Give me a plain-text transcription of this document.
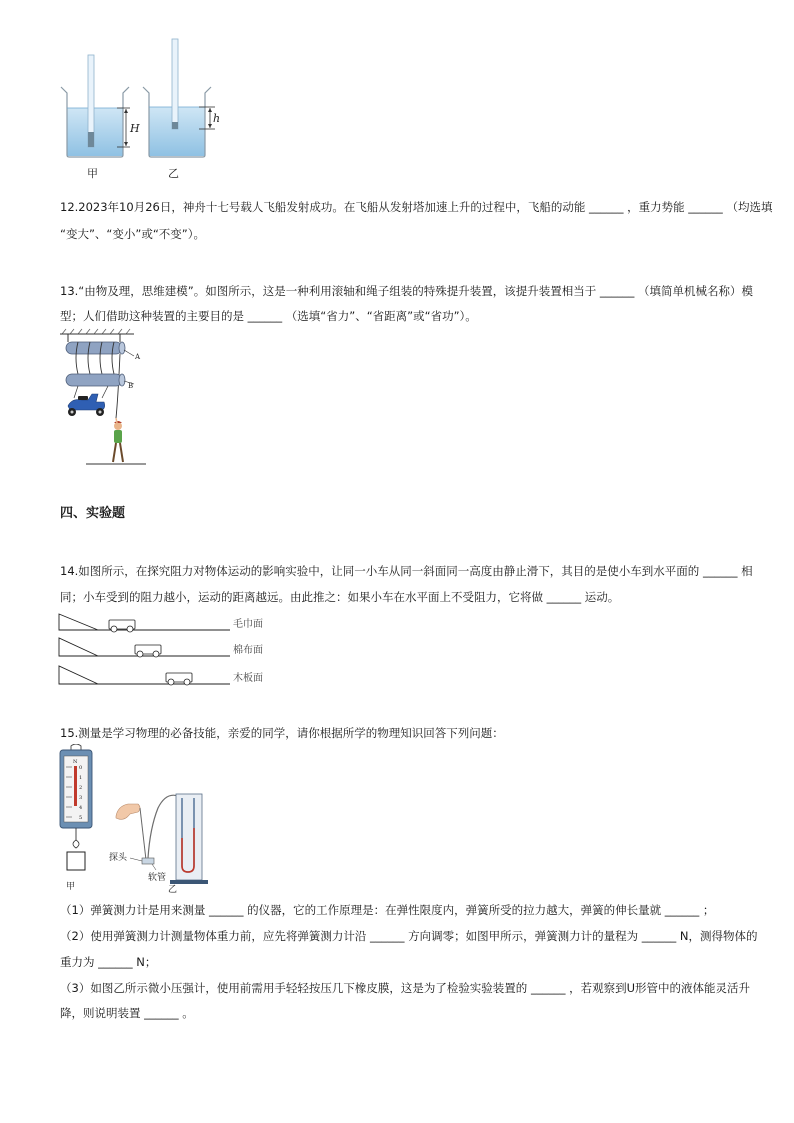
H
甲
h
乙
12.2023年10月26日，神舟十七号载人飞船发射成功。在飞船从发射塔加速上升的过程中，飞船的动能 ______ ，重力势能 ______ （均选填
“变大”、“变小”或“不变”）。
13.“由物及理，思维建模”。如图所示，这是一种利用滚轴和绳子组装的特殊提升装置，该提升装置相当于 ______ （填简单机械名称）模
型；人们借助这种装置的主要目的是 ______ （选填“省力”、“省距离”或“省功”）。
A
B
四、实验题
14.如图所示，在探究阻力对物体运动的影响实验中，让同一小车从同一斜面同一高度由静止滑下，其目的是使小车到水平面的 ______ 相
同；小车受到的阻力越小，运动的距离越远。由此推之：如果小车在水平面上不受阻力，它将做 ______ 运动。
毛巾面
棉布面
木板面
15.测量是学习物理的必备技能，亲爱的同学，请你根据所学的物理知识回答下列问题：
N
0
1
2
3
4
5
甲
探头
软管
乙
（1）弹簧测力计是用来测量 ______ 的仪器，它的工作原理是：在弹性限度内，弹簧所受的拉力越大，弹簧的伸长量就 ______ ；
（2）使用弹簧测力计测量物体重力前，应先将弹簧测力计沿 ______ 方向调零；如图甲所示，弹簧测力计的量程为 ______ N，测得物体的
重力为 ______ N；
（3）如图乙所示微小压强计，使用前需用手轻轻按压几下橡皮膜，这是为了检验实验装置的 ______ ，若观察到U形管中的液体能灵活升
降，则说明装置 ______ 。
